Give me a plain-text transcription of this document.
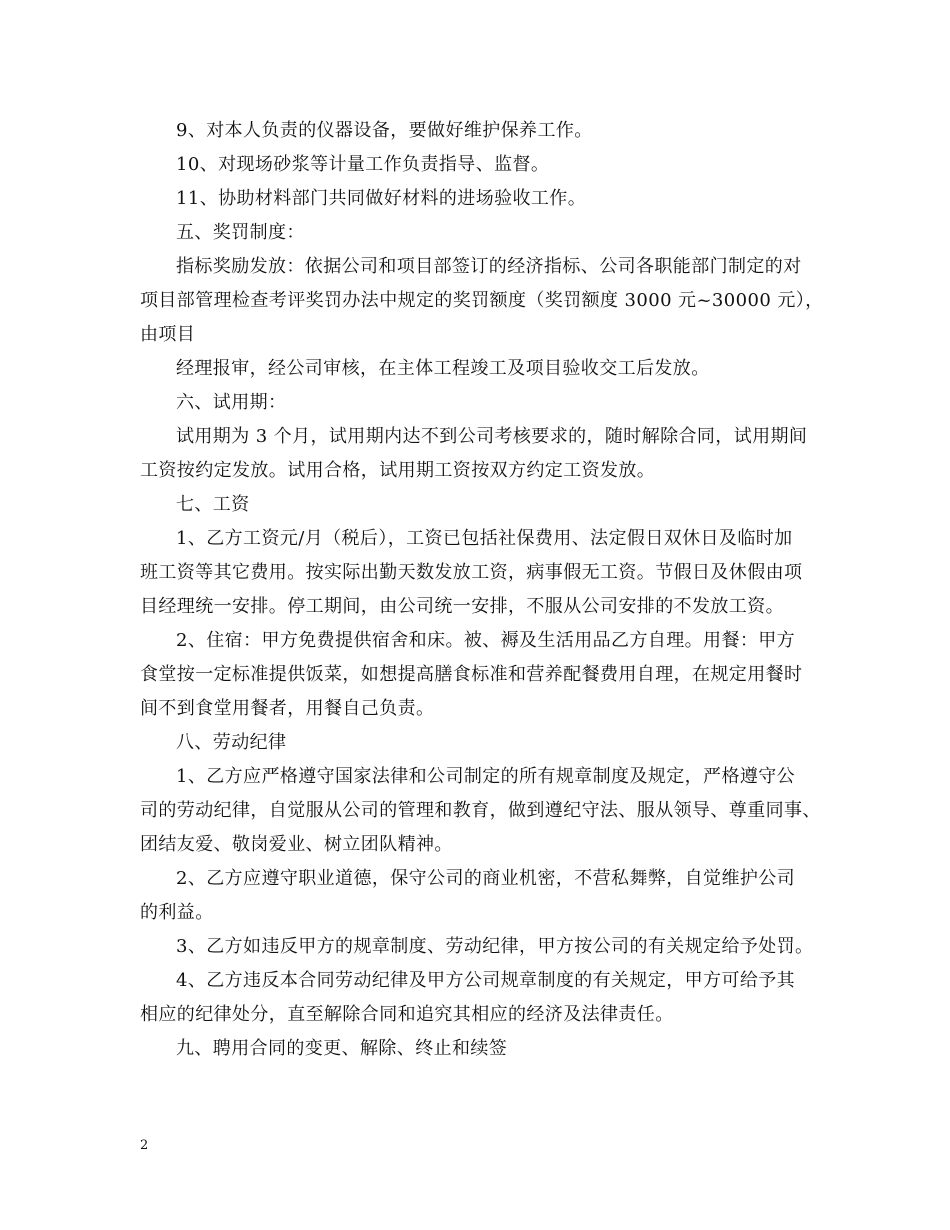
9、对本人负责的仪器设备，要做好维护保养工作。
10、对现场砂浆等计量工作负责指导、监督。
11、协助材料部门共同做好材料的进场验收工作。
五、奖罚制度：
指标奖励发放：依据公司和项目部签订的经济指标、公司各职能部门制定的对
项目部管理检查考评奖罚办法中规定的奖罚额度（奖罚额度 3000 元~30000 元），
由项目
经理报审，经公司审核，在主体工程竣工及项目验收交工后发放。
六、试用期：
试用期为 3 个月，试用期内达不到公司考核要求的，随时解除合同，试用期间
工资按约定发放。试用合格，试用期工资按双方约定工资发放。
七、工资
1、乙方工资元/月（税后），工资已包括社保费用、法定假日双休日及临时加
班工资等其它费用。按实际出勤天数发放工资，病事假无工资。节假日及休假由项
目经理统一安排。停工期间，由公司统一安排，不服从公司安排的不发放工资。
2、住宿：甲方免费提供宿舍和床。被、褥及生活用品乙方自理。用餐：甲方
食堂按一定标准提供饭菜，如想提高膳食标准和营养配餐费用自理，在规定用餐时
间不到食堂用餐者，用餐自己负责。
八、劳动纪律
1、乙方应严格遵守国家法律和公司制定的所有规章制度及规定，严格遵守公
司的劳动纪律，自觉服从公司的管理和教育，做到遵纪守法、服从领导、尊重同事、
团结友爱、敬岗爱业、树立团队精神。
2、乙方应遵守职业道德，保守公司的商业机密，不营私舞弊，自觉维护公司
的利益。
3、乙方如违反甲方的规章制度、劳动纪律，甲方按公司的有关规定给予处罚。
4、乙方违反本合同劳动纪律及甲方公司规章制度的有关规定，甲方可给予其
相应的纪律处分，直至解除合同和追究其相应的经济及法律责任。
九、聘用合同的变更、解除、终止和续签
2
